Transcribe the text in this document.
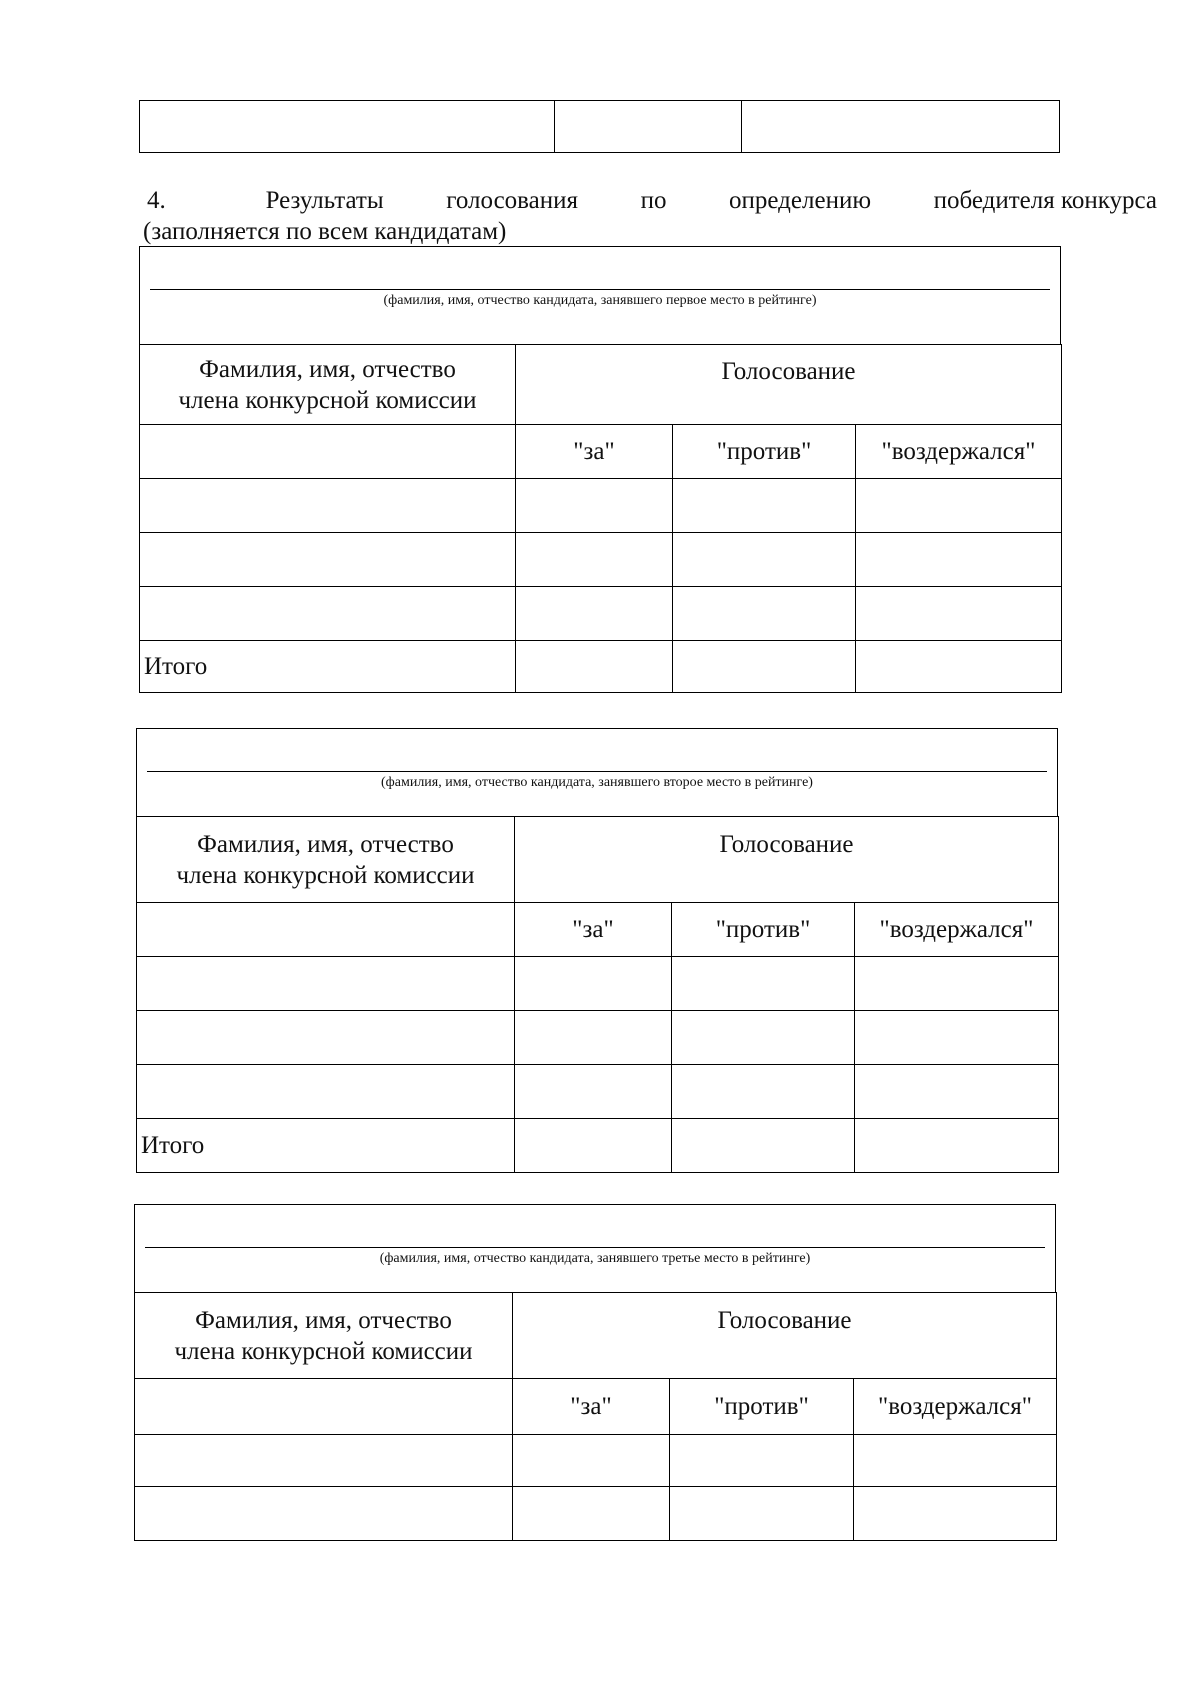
4.	Результаты	голосования	по	определению	победителя конкурса
(заполняется по всем кандидатам)
(фамилия, имя, отчество кандидата, занявшего первое место в рейтинге)
Фамилия, имя, отчество
члена конкурсной комиссии	Голосование		
	"за"	"против"	"воздержался"

Итого			
(фамилия, имя, отчество кандидата, занявшего второе место в рейтинге)
Фамилия, имя, отчество
члена конкурсной комиссии	Голосование		
	"за"	"против"	"воздержался"

Итого			
(фамилия, имя, отчество кандидата, занявшего третье место в рейтинге)
Фамилия, имя, отчество
члена конкурсной комиссии	Голосование		
	"за"	"против"	"воздержался"
